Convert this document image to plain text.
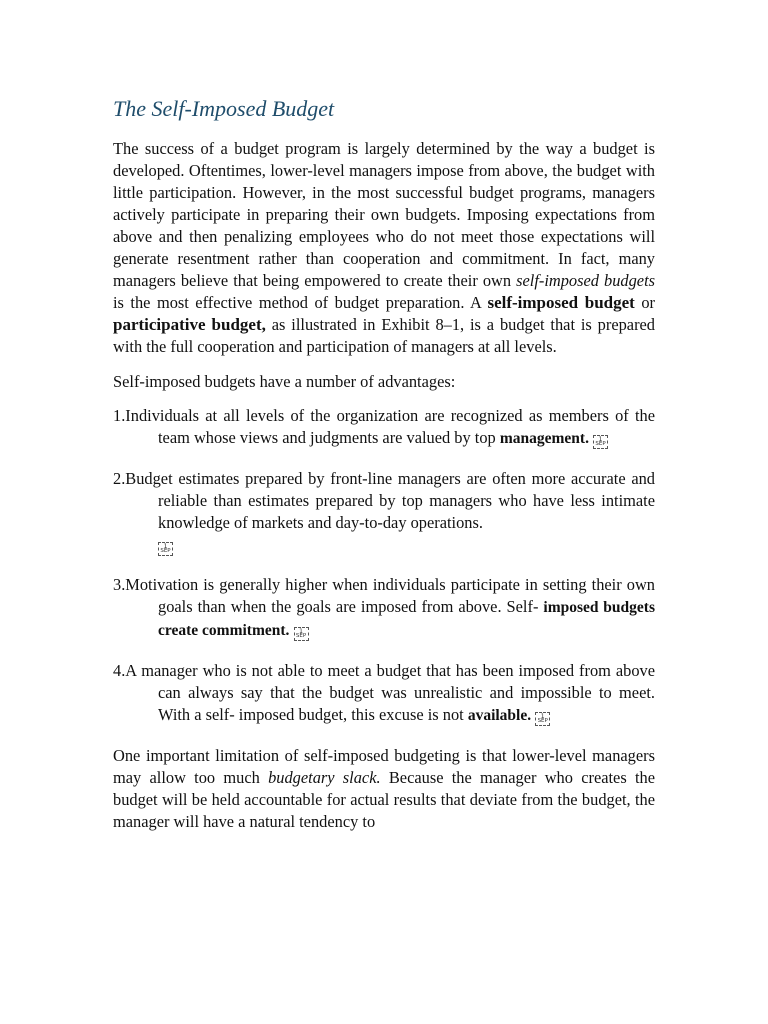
The Self-Imposed Budget

The success of a budget program is largely determined by the way a budget is developed. Oftentimes, lower-level managers impose from above, the budget with little participation. However, in the most successful budget programs, managers actively participate in preparing their own budgets. Imposing expectations from above and then penalizing employees who do not meet those expectations will generate resentment rather than cooperation and commitment. In fact, many managers believe that being empowered to create their own self-imposed budgets is the most effective method of budget preparation. A self-imposed budget or participative budget, as illustrated in Exhibit 8–1, is a budget that is prepared with the full cooperation and participation of managers at all levels.

Self-imposed budgets have a number of advantages:

1.Individuals at all levels of the organization are recognized as members of the team whose views and judgments are valued by top management.	1
SEP
2.Budget estimates prepared by front-line managers are often more accurate and reliable than estimates prepared by top managers who have less intimate knowledge of markets and day-to-day operations.

1
SEP
3.Motivation is generally higher when individuals participate in setting their own goals than when the goals are imposed from above. Self- imposed budgets create commitment.	1
SEP
4.A manager who is not able to meet a budget that has been imposed from above can always say that the budget was unrealistic and impossible to meet. With a self- imposed budget, this excuse is not available.	1
SEP

One important limitation of self-imposed budgeting is that lower-level managers may allow too much budgetary slack. Because the manager who creates the budget will be held accountable for actual results that deviate from the budget, the manager will have a natural tendency to
